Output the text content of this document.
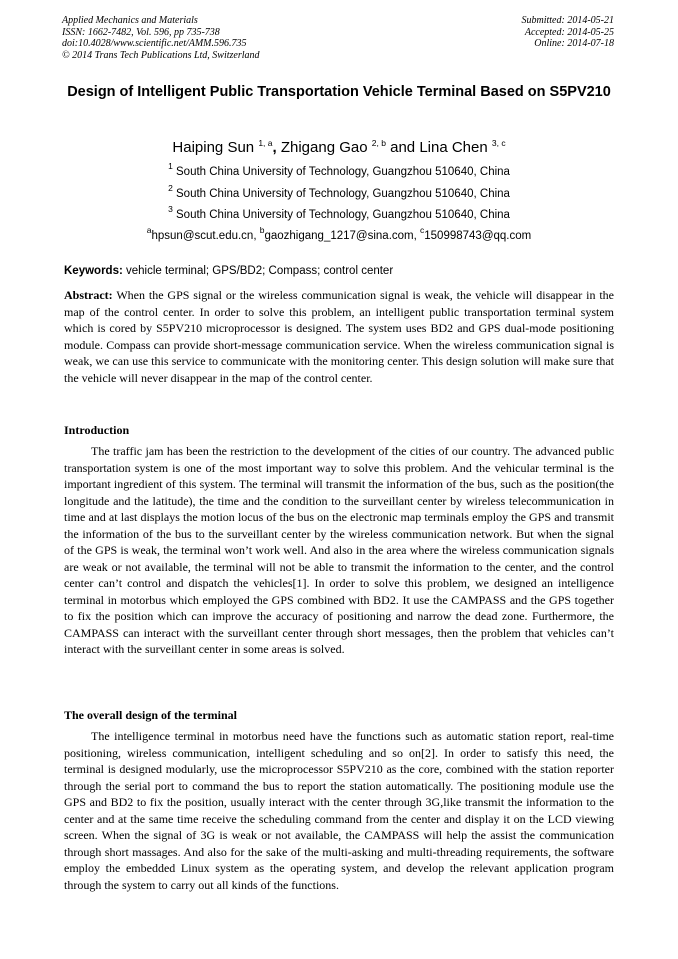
Applied Mechanics and Materials
ISSN: 1662-7482, Vol. 596, pp 735-738
doi:10.4028/www.scientific.net/AMM.596.735
© 2014 Trans Tech Publications Ltd, Switzerland
Submitted: 2014-05-21
Accepted: 2014-05-25
Online: 2014-07-18
Design of Intelligent Public Transportation Vehicle Terminal Based on S5PV210
Haiping Sun $^{1, a}$, Zhigang Gao $^{2, b}$ and Lina Chen $^{3, c}$
$^1$ South China University of Technology, Guangzhou 510640, China
$^2$ South China University of Technology, Guangzhou 510640, China
$^3$ South China University of Technology, Guangzhou 510640, China
$^a$hpsun@scut.edu.cn, $^b$gaozhigang_1217@sina.com, $^c$150998743@qq.com
Keywords: vehicle terminal; GPS/BD2; Compass; control center
Abstract: When the GPS signal or the wireless communication signal is weak, the vehicle will disappear in the map of the control center. In order to solve this problem, an intelligent public transportation terminal system which is cored by S5PV210 microprocessor is designed. The system uses BD2 and GPS dual-mode positioning module. Compass can provide short-message communication service. When the wireless communication signal is weak, we can use this service to communicate with the monitoring center. This design solution will make sure that the vehicle will never disappear in the map of the control center.
Introduction
The traffic jam has been the restriction to the development of the cities of our country. The advanced public transportation system is one of the most important way to solve this problem. And the vehicular terminal is the important ingredient of this system. The terminal will transmit the information of the bus, such as the position(the longitude and the latitude), the time and the condition to the surveillant center by wireless telecommunication in time and at last displays the motion locus of the bus on the electronic map terminals employ the GPS and transmit the information of the bus to the surveillant center by the wireless communication network. But when the signal of the GPS is weak, the terminal won’t work well. And also in the area where the wireless communication signals are weak or not available, the terminal will not be able to transmit the information to the center, and the control center can’t control and dispatch the vehicles[1]. In order to solve this problem, we designed an intelligence terminal in motorbus which employed the GPS combined with BD2. It use the CAMPASS and the GPS together to fix the position which can improve the accuracy of positioning and narrow the dead zone. Furthermore, the CAMPASS can interact with the surveillant center through short messages, then the problem that vehicles can’t interact with the surveillant center in some areas is solved.
The overall design of the terminal
The intelligence terminal in motorbus need have the functions such as automatic station report, real-time positioning, wireless communication, intelligent scheduling and so on[2]. In order to satisfy this need, the terminal is designed modularly, use the microprocessor S5PV210 as the core, combined with the station reporter through the serial port to command the bus to report the station automatically. The positioning module use the GPS and BD2 to fix the position, usually interact with the center through 3G,like transmit the information to the center and at the same time receive the scheduling command from the center and display it on the LCD viewing screen. When the signal of 3G is weak or not available, the CAMPASS will help the assist the communication through short massages. And also for the sake of the multi-asking and multi-threading requirements, the software employ the embedded Linux system as the operating system, and develop the relevant application program through the system to carry out all kinds of the functions.
